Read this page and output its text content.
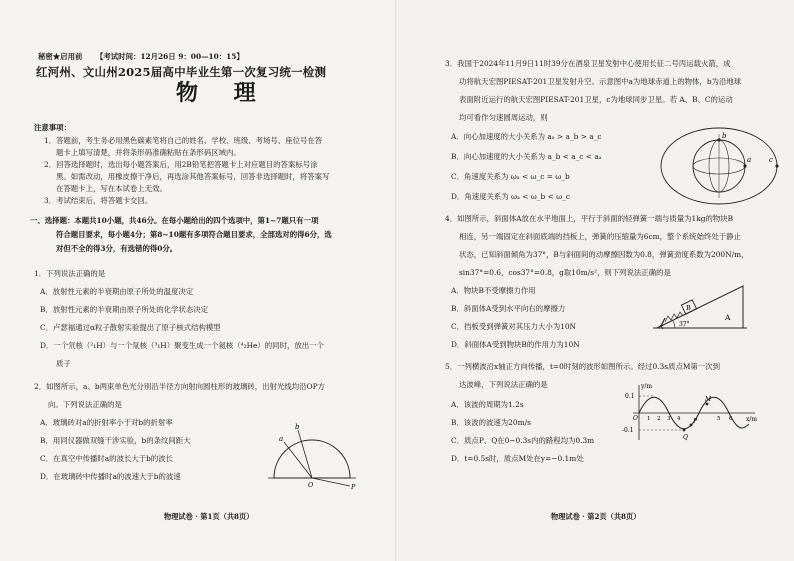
秘密★启用前 【考试时间：12月26日 9：00—10：15】
红河州、文山州2025届高中毕业生第一次复习统一检测
物 理
注意事项：
1．答题前，考生务必用黑色碳素笔将自己的姓名、学校、班级、考场号、座位号在答
题卡上填写清楚，并将条形码准确粘贴在条形码区域内。
2．回答选择题时，选出每小题答案后，用2B铅笔把答题卡上对应题目的答案标号涂
黑。如需改动，用橡皮擦干净后，再选涂其他答案标号，回答非选择题时，将答案写
在答题卡上，写在本试卷上无效。
3．考试结束后，将答题卡交回。
一、选择题：本题共10小题，共46分。在每小题给出的四个选项中，第1~7题只有一项
符合题目要求，每小题4分；第8~10题有多项符合题目要求，全部选对的得6分，选
对但不全的得3分，有选错的得0分。
1．下列说法正确的是
A．放射性元素的半衰期由原子所处的温度决定
B．放射性元素的半衰期由原子所处的化学状态决定
C．卢瑟福通过α粒子散射实验提出了原子核式结构模型
D．一个氘核（²₁H）与一个氚核（³₁H）聚变生成一个氦核（⁴₂He）的同时，放出一个
质子
2．如图所示，a、b两束单色光分别沿半径方向射向圆柱形的玻璃砖，出射光线均沿OP方
向。下列说法正确的是
A．玻璃砖对a的折射率小于对b的折射率
B．用同仪器做双缝干涉实验，b的条纹间距大
C．在真空中传播时a的波长大于b的波长
D．在玻璃砖中传播时a的波速大于b的波速
a
b
O	P
物理试卷 · 第1页（共8页）
3．我国于2024年11月9日11时39分在酒泉卫星发射中心使用长征二号丙运载火箭，成
功将航天宏图PIESAT-201卫星发射升空。示意图中a为地球赤道上的物体，b为沿地球
表面附近运行的航天宏图PIESAT-201卫星，c为地球同步卫星。若 A、B、C的运动
均可看作匀速圆周运动，则
A．向心加速度的大小关系为 aₐ > a_b > a_c
B．向心加速度的大小关系为 a_b < a_c < aₐ
C．角速度关系为 ωₐ < ω_c = ω_b
D．角速度关系为 ωₐ < ω_b < ω_c
a
b
c
4．如图所示，斜面体A放在水平地面上，平行于斜面的轻弹簧一端与质量为1kg的物块B
相连，另一端固定在斜面底端的挡板上，弹簧的压缩量为6cm，整个系统始终处于静止
状态，已知斜面倾角为37°，B与斜面间的动摩擦因数为0.8，弹簧劲度系数为200N/m，
sin37°=0.6，cos37°=0.8，g取10m/s²，则下列说法正确的是
A．物块B不受摩擦力作用
B．斜面体A受到水平向右的摩擦力
C．挡板受到弹簧对其压力大小为10N
D．斜面体A受到物块B的作用力为10N
B
A
37°
5．一列横波沿x轴正方向传播，t=0时刻的波形如图所示。经过0.3s质点M第一次到
达波峰，下列说法正确的是
A．该波的周期为1.2s
B．该波的波速为20m/s
C．质点P、Q在0~0.3s内的路程均为0.3m
D．t=0.5s时，质点M处在y=−0.1m处
y/m
x/m
0.1
-0.1
O 1 2 3 4	5 6
P
Q
M
物理试卷 · 第2页（共8页）
